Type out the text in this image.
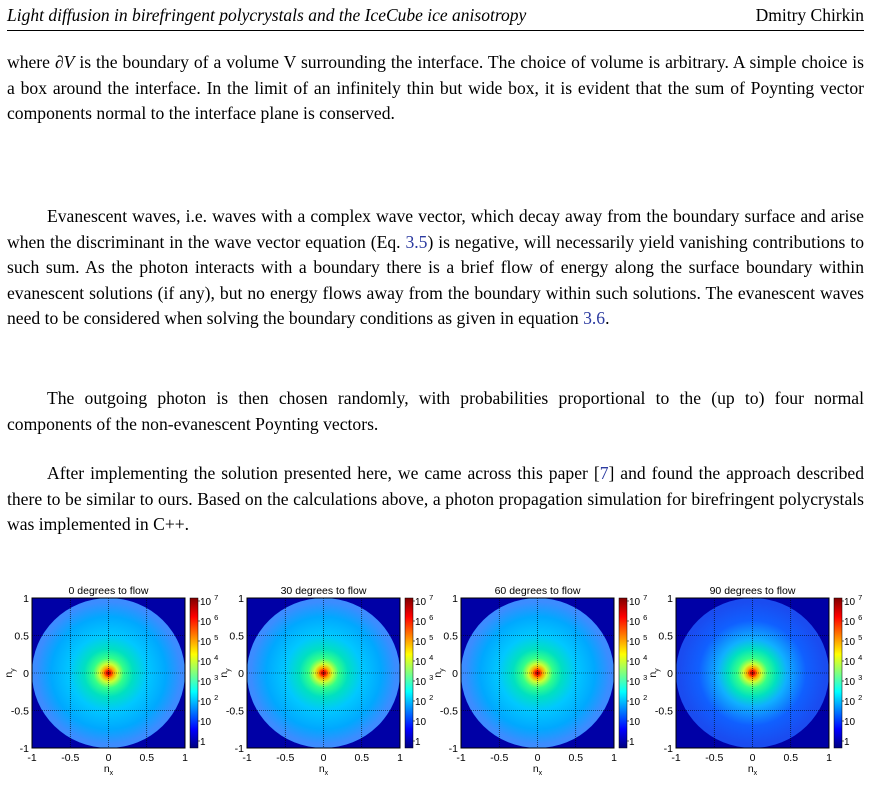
Light diffusion in birefringent polycrystals and the IceCube ice anisotropy	Dmitry Chirkin

where ∂V is the boundary of a volume V surrounding the interface. The choice of volume is arbitrary. A simple choice is a box around the interface. In the limit of an infinitely thin but wide box, it is evident that the sum of Poynting vector components normal to the interface plane is conserved.

Evanescent waves, i.e. waves with a complex wave vector, which decay away from the boundary surface and arise when the discriminant in the wave vector equation (Eq. 3.5) is negative, will necessarily yield vanishing contributions to such sum. As the photon interacts with a boundary there is a brief flow of energy along the surface boundary within evanescent solutions (if any), but no energy flows away from the boundary within such solutions. The evanescent waves need to be considered when solving the boundary conditions as given in equation 3.6.

The outgoing photon is then chosen randomly, with probabilities proportional to the (up to) four normal components of the non-evanescent Poynting vectors.

After implementing the solution presented here, we came across this paper [7] and found the approach described there to be similar to ours. Based on the calculations above, a photon propagation simulation for birefringent polycrystals was implemented in C++.

0 degrees to flow
1
0.5
0
-0.5
-1
-1 -0.5	0	0.5	1
$n_x$
$n_y$
10 $^7$
10 $^6$
10 $^5$
10 $^4$
10 $^3$
10 $^2$
10
1
30 degrees to flow
1
0.5
0
-0.5
-1
-1 -0.5	0	0.5	1
$n_x$
$n_y$
10 $^7$
10 $^6$
10 $^5$
10 $^4$
10 $^3$
10 $^2$
10
1
60 degrees to flow
1
0.5
0
-0.5
-1
-1 -0.5	0	0.5	1
$n_x$
$n_y$
10 $^7$
10 $^6$
10 $^5$
10 $^4$
10 $^3$
10 $^2$
10
1
90 degrees to flow
1
0.5
0
-0.5
-1
-1 -0.5	0	0.5	1
$n_x$
$n_y$
10 $^7$
10 $^6$
10 $^5$
10 $^4$
10 $^3$
10 $^2$
10
1
